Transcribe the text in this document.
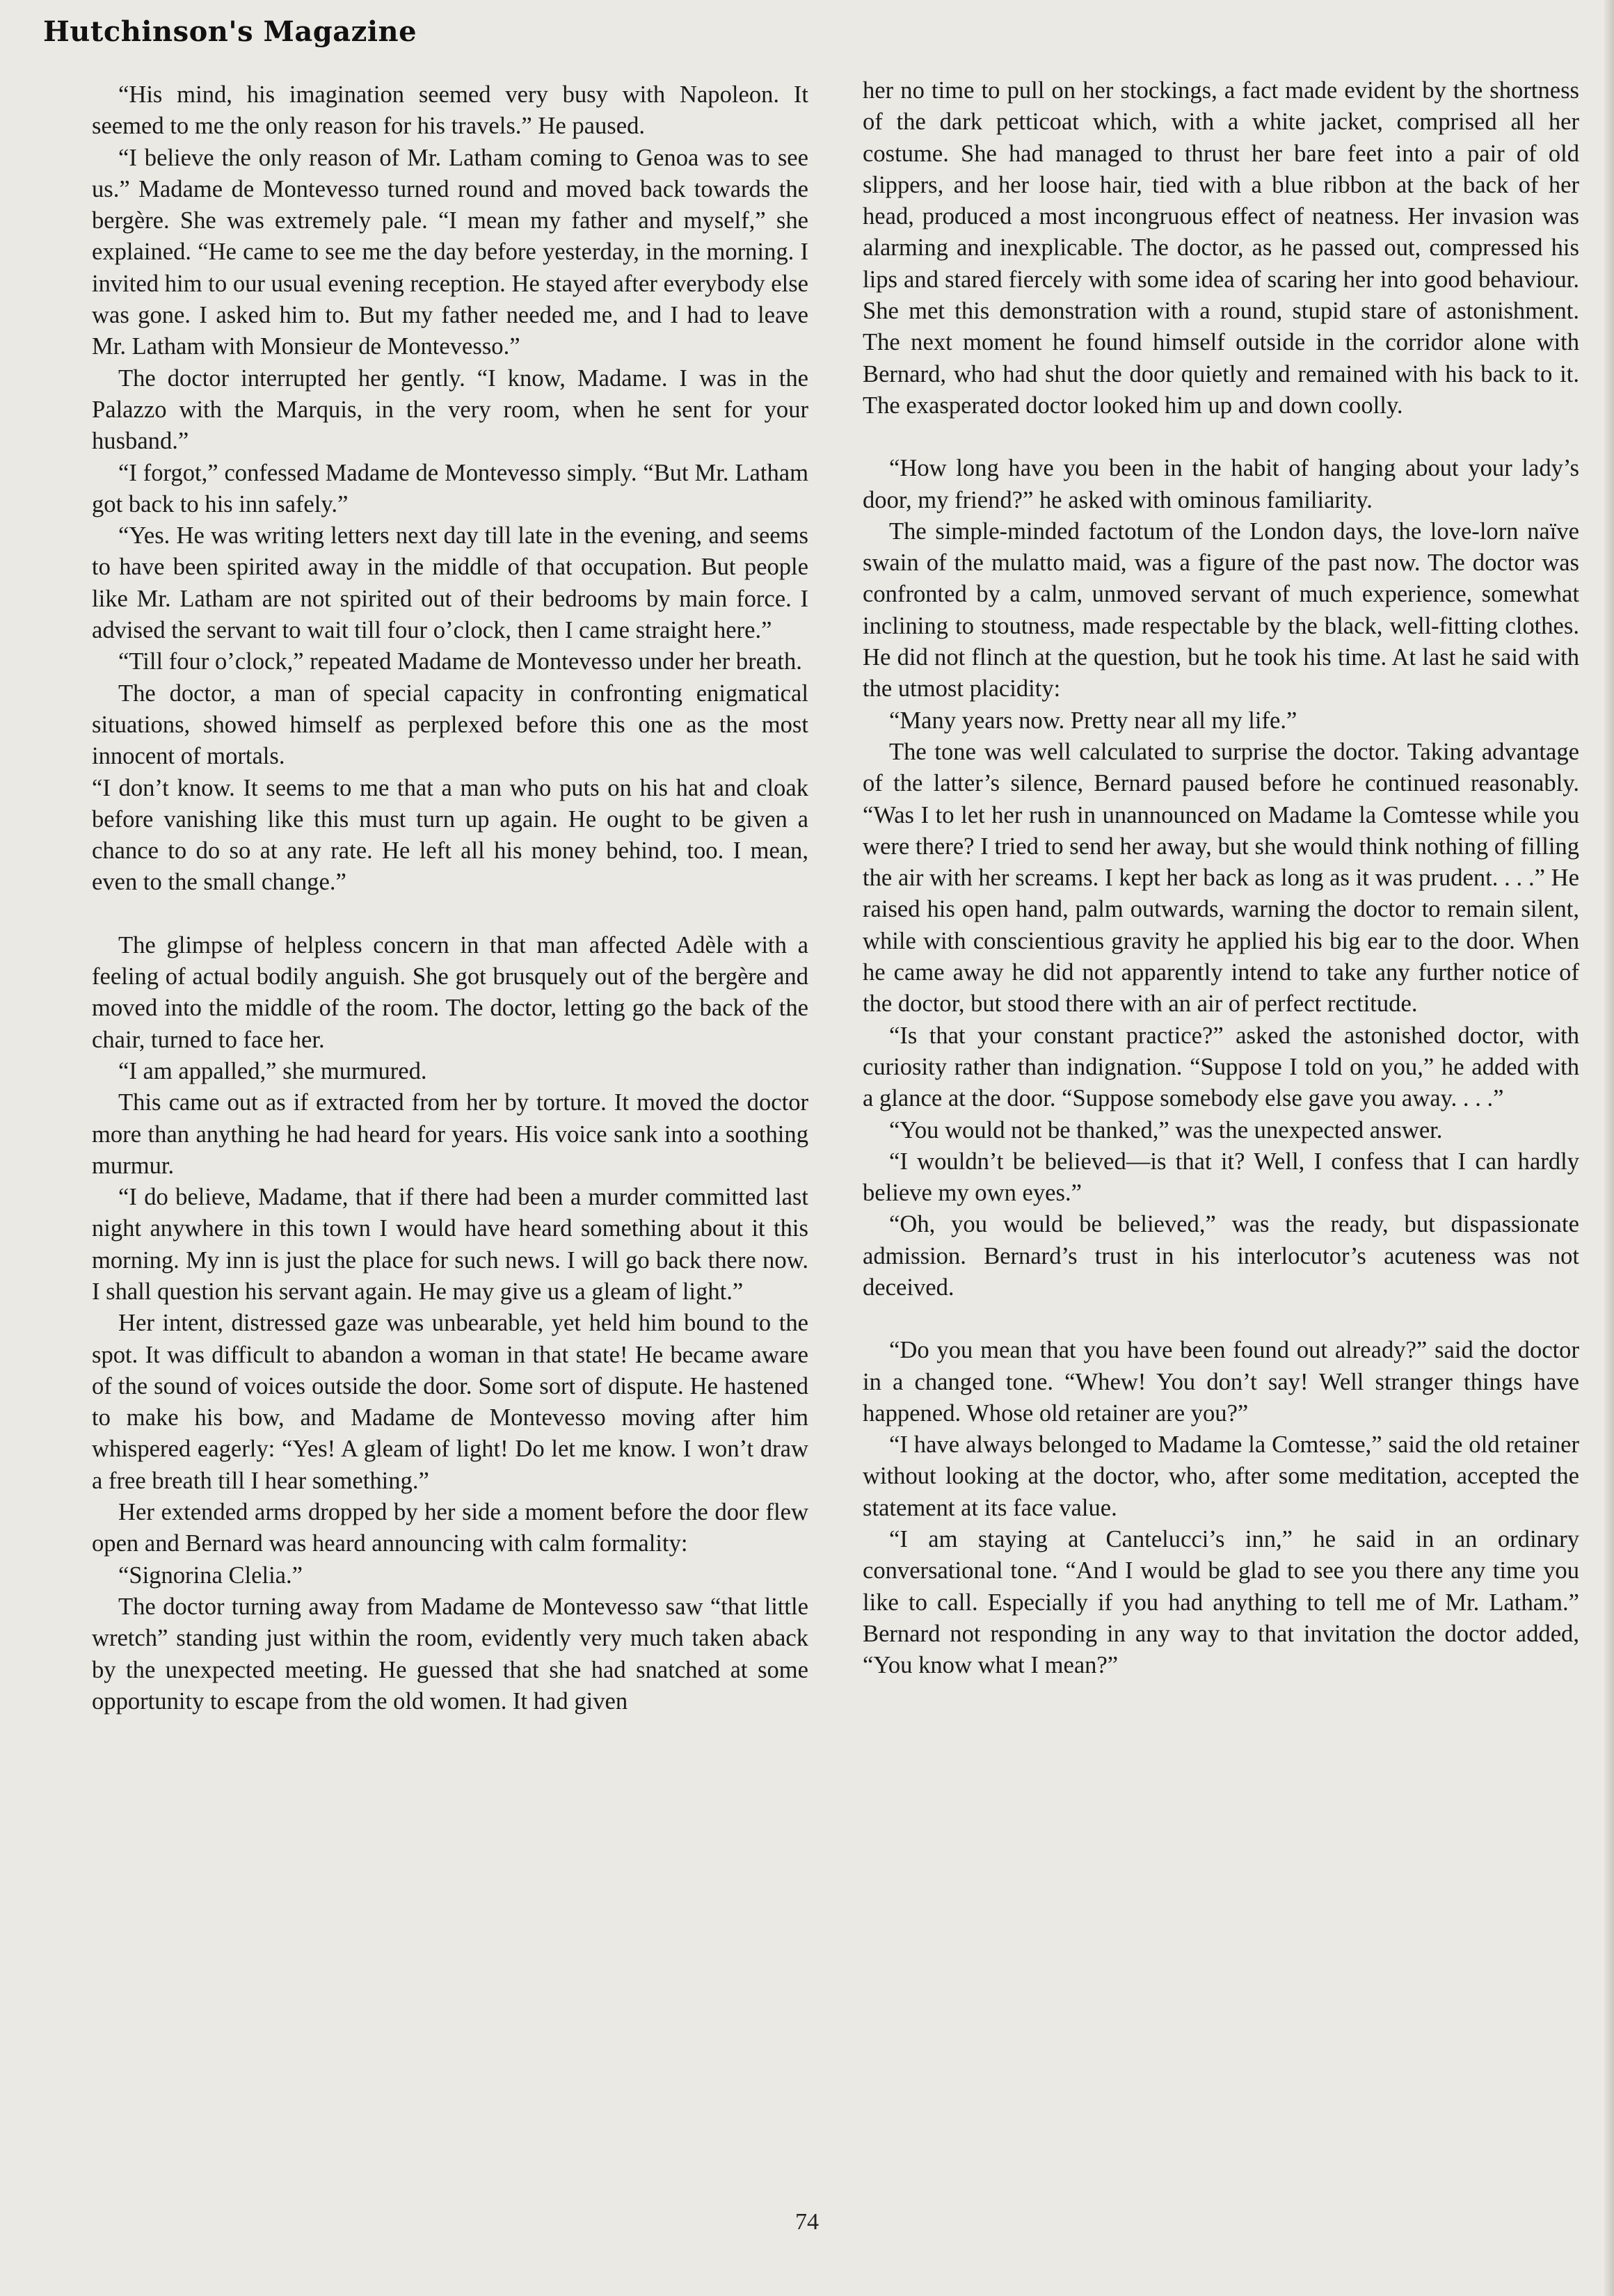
Hutchinson's Magazine

“His mind, his imagination seemed very busy with Napoleon. It seemed to me the only reason for his travels.” He paused.

“I believe the only reason of Mr. Latham coming to Genoa was to see us.” Madame de Montevesso turned round and moved back towards the bergère. She was extremely pale. “I mean my father and myself,” she explained. “He came to see me the day before yesterday, in the morning. I invited him to our usual evening reception. He stayed after everybody else was gone. I asked him to. But my father needed me, and I had to leave Mr. Latham with Monsieur de Montevesso.”

The doctor interrupted her gently. “I know, Madame. I was in the Palazzo with the Marquis, in the very room, when he sent for your husband.”

“I forgot,” confessed Madame de Montevesso simply. “But Mr. Latham got back to his inn safely.”

“Yes. He was writing letters next day till late in the evening, and seems to have been spirited away in the middle of that occupation. But people like Mr. Latham are not spirited out of their bedrooms by main force. I advised the servant to wait till four o’clock, then I came straight here.”

“Till four o’clock,” repeated Madame de Montevesso under her breath.

The doctor, a man of special capacity in confronting enigmatical situations, showed himself as perplexed before this one as the most innocent of mortals.

“I don’t know. It seems to me that a man who puts on his hat and cloak before vanishing like this must turn up again. He ought to be given a chance to do so at any rate. He left all his money behind, too. I mean, even to the small change.”

The glimpse of helpless concern in that man affected Adèle with a feeling of actual bodily anguish. She got brusquely out of the bergère and moved into the middle of the room. The doctor, letting go the back of the chair, turned to face her.

“I am appalled,” she murmured.

This came out as if extracted from her by torture. It moved the doctor more than anything he had heard for years. His voice sank into a soothing murmur.

“I do believe, Madame, that if there had been a murder committed last night anywhere in this town I would have heard something about it this morning. My inn is just the place for such news. I will go back there now. I shall question his servant again. He may give us a gleam of light.”

Her intent, distressed gaze was unbearable, yet held him bound to the spot. It was difficult to abandon a woman in that state! He became aware of the sound of voices outside the door. Some sort of dispute. He hastened to make his bow, and Madame de Montevesso moving after him whispered eagerly: “Yes! A gleam of light! Do let me know. I won’t draw a free breath till I hear something.”

Her extended arms dropped by her side a moment before the door flew open and Bernard was heard announcing with calm formality:

“Signorina Clelia.”

The doctor turning away from Madame de Montevesso saw “that little wretch” standing just within the room, evidently very much taken aback by the unexpected meeting. He guessed that she had snatched at some opportunity to escape from the old women. It had given

her no time to pull on her stockings, a fact made evident by the shortness of the dark petticoat which, with a white jacket, comprised all her costume. She had managed to thrust her bare feet into a pair of old slippers, and her loose hair, tied with a blue ribbon at the back of her head, produced a most incongruous effect of neatness. Her invasion was alarming and inexplicable. The doctor, as he passed out, compressed his lips and stared fiercely with some idea of scaring her into good behaviour. She met this demonstration with a round, stupid stare of astonishment. The next moment he found himself outside in the corridor alone with Bernard, who had shut the door quietly and remained with his back to it. The exasperated doctor looked him up and down coolly.

“How long have you been in the habit of hanging about your lady’s door, my friend?” he asked with ominous familiarity.

The simple-minded factotum of the London days, the love-lorn naïve swain of the mulatto maid, was a figure of the past now. The doctor was confronted by a calm, unmoved servant of much experience, somewhat inclining to stoutness, made respectable by the black, well-fitting clothes. He did not flinch at the question, but he took his time. At last he said with the utmost placidity:

“Many years now. Pretty near all my life.”

The tone was well calculated to surprise the doctor. Taking advantage of the latter’s silence, Bernard paused before he continued reasonably. “Was I to let her rush in unannounced on Madame la Comtesse while you were there? I tried to send her away, but she would think nothing of filling the air with her screams. I kept her back as long as it was prudent. . . .” He raised his open hand, palm outwards, warning the doctor to remain silent, while with conscientious gravity he applied his big ear to the door. When he came away he did not apparently intend to take any further notice of the doctor, but stood there with an air of perfect rectitude.

“Is that your constant practice?” asked the astonished doctor, with curiosity rather than indignation. “Suppose I told on you,” he added with a glance at the door. “Suppose somebody else gave you away. . . .”

“You would not be thanked,” was the unexpected answer.

“I wouldn’t be believed—is that it? Well, I confess that I can hardly believe my own eyes.”

“Oh, you would be believed,” was the ready, but dispassionate admission. Bernard’s trust in his interlocutor’s acuteness was not deceived.

“Do you mean that you have been found out already?” said the doctor in a changed tone. “Whew! You don’t say! Well stranger things have happened. Whose old retainer are you?”

“I have always belonged to Madame la Comtesse,” said the old retainer without looking at the doctor, who, after some meditation, accepted the statement at its face value.

“I am staying at Cantelucci’s inn,” he said in an ordinary conversational tone. “And I would be glad to see you there any time you like to call. Especially if you had anything to tell me of Mr. Latham.” Bernard not responding in any way to that invitation the doctor added, “You know what I mean?”

74
